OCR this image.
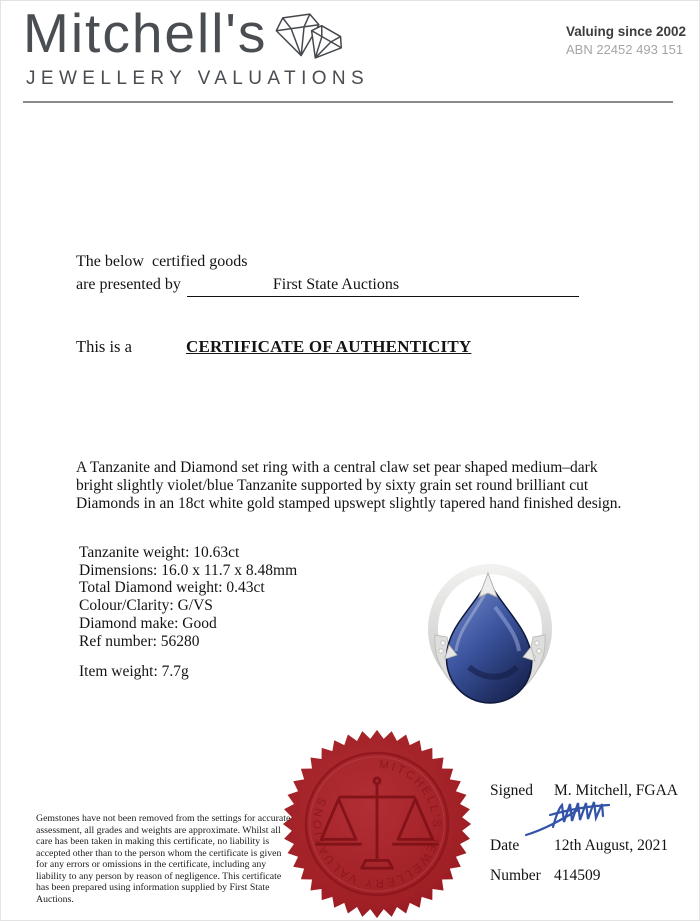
Mitchell's
JEWELLERY VALUATIONS
Valuing since 2002
ABN 22452 493 151
The below  certified goods
are presented by	First State Auctions
This is a	CERTIFICATE OF AUTHENTICITY
A Tanzanite and Diamond set ring with a central claw set pear shaped medium–dark bright slightly violet/blue Tanzanite supported by sixty grain set round brilliant cut Diamonds in an 18ct white gold stamped upswept slightly tapered hand finished design.
Tanzanite weight: 10.63ct
Dimensions: 16.0 x 11.7 x 8.48mm
Total Diamond weight: 0.43ct
Colour/Clarity: G/VS
Diamond make: Good
Ref number: 56280
Item weight: 7.7g
MITCHELL'S JEWELLERY VALUATIONS
Gemstones have not been removed from the settings for accurate assessment, all grades and weights are approximate. Whilst all care has been taken in making this certificate, no liability is accepted other than to the person whom the certificate is given for any errors or omissions in the certificate, including any liability to any person by reason of negligence. This certificate has been prepared using information supplied by First State Auctions.
Signed	M. Mitchell, FGAA
Date	12th August, 2021
Number 414509
